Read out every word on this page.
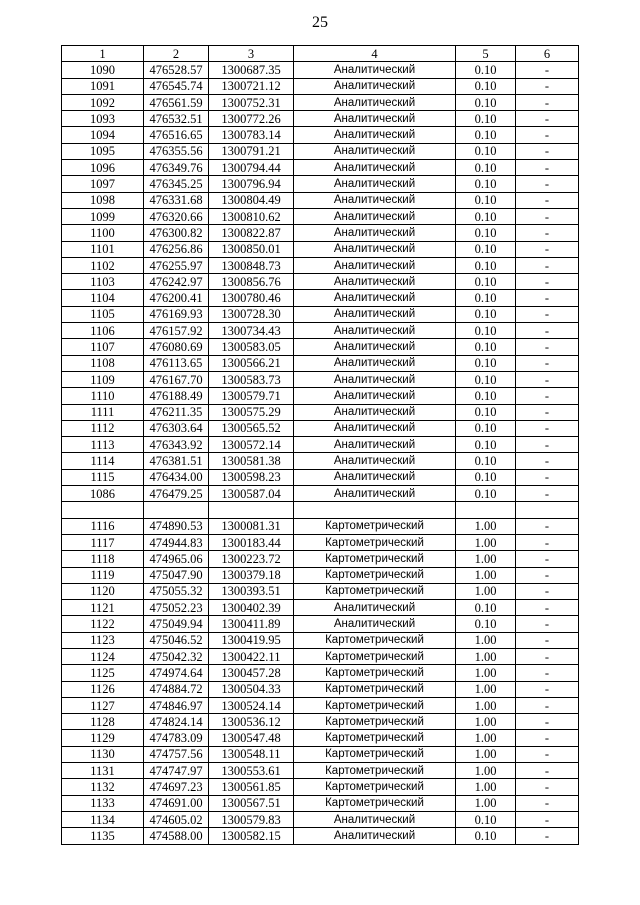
25
1	2	3	4	5	6
1090	476528.57	1300687.35	Аналитический	0.10	-
1091	476545.74	1300721.12	Аналитический	0.10	-
1092	476561.59	1300752.31	Аналитический	0.10	-
1093	476532.51	1300772.26	Аналитический	0.10	-
1094	476516.65	1300783.14	Аналитический	0.10	-
1095	476355.56	1300791.21	Аналитический	0.10	-
1096	476349.76	1300794.44	Аналитический	0.10	-
1097	476345.25	1300796.94	Аналитический	0.10	-
1098	476331.68	1300804.49	Аналитический	0.10	-
1099	476320.66	1300810.62	Аналитический	0.10	-
1100	476300.82	1300822.87	Аналитический	0.10	-
1101	476256.86	1300850.01	Аналитический	0.10	-
1102	476255.97	1300848.73	Аналитический	0.10	-
1103	476242.97	1300856.76	Аналитический	0.10	-
1104	476200.41	1300780.46	Аналитический	0.10	-
1105	476169.93	1300728.30	Аналитический	0.10	-
1106	476157.92	1300734.43	Аналитический	0.10	-
1107	476080.69	1300583.05	Аналитический	0.10	-
1108	476113.65	1300566.21	Аналитический	0.10	-
1109	476167.70	1300583.73	Аналитический	0.10	-
1110	476188.49	1300579.71	Аналитический	0.10	-
1111	476211.35	1300575.29	Аналитический	0.10	-
1112	476303.64	1300565.52	Аналитический	0.10	-
1113	476343.92	1300572.14	Аналитический	0.10	-
1114	476381.51	1300581.38	Аналитический	0.10	-
1115	476434.00	1300598.23	Аналитический	0.10	-
1086	476479.25	1300587.04	Аналитический	0.10	-

1116	474890.53	1300081.31	Картометрический	1.00	-
1117	474944.83	1300183.44	Картометрический	1.00	-
1118	474965.06	1300223.72	Картометрический	1.00	-
1119	475047.90	1300379.18	Картометрический	1.00	-
1120	475055.32	1300393.51	Картометрический	1.00	-
1121	475052.23	1300402.39	Аналитический	0.10	-
1122	475049.94	1300411.89	Аналитический	0.10	-
1123	475046.52	1300419.95	Картометрический	1.00	-
1124	475042.32	1300422.11	Картометрический	1.00	-
1125	474974.64	1300457.28	Картометрический	1.00	-
1126	474884.72	1300504.33	Картометрический	1.00	-
1127	474846.97	1300524.14	Картометрический	1.00	-
1128	474824.14	1300536.12	Картометрический	1.00	-
1129	474783.09	1300547.48	Картометрический	1.00	-
1130	474757.56	1300548.11	Картометрический	1.00	-
1131	474747.97	1300553.61	Картометрический	1.00	-
1132	474697.23	1300561.85	Картометрический	1.00	-
1133	474691.00	1300567.51	Картометрический	1.00	-
1134	474605.02	1300579.83	Аналитический	0.10	-
1135	474588.00	1300582.15	Аналитический	0.10	-
